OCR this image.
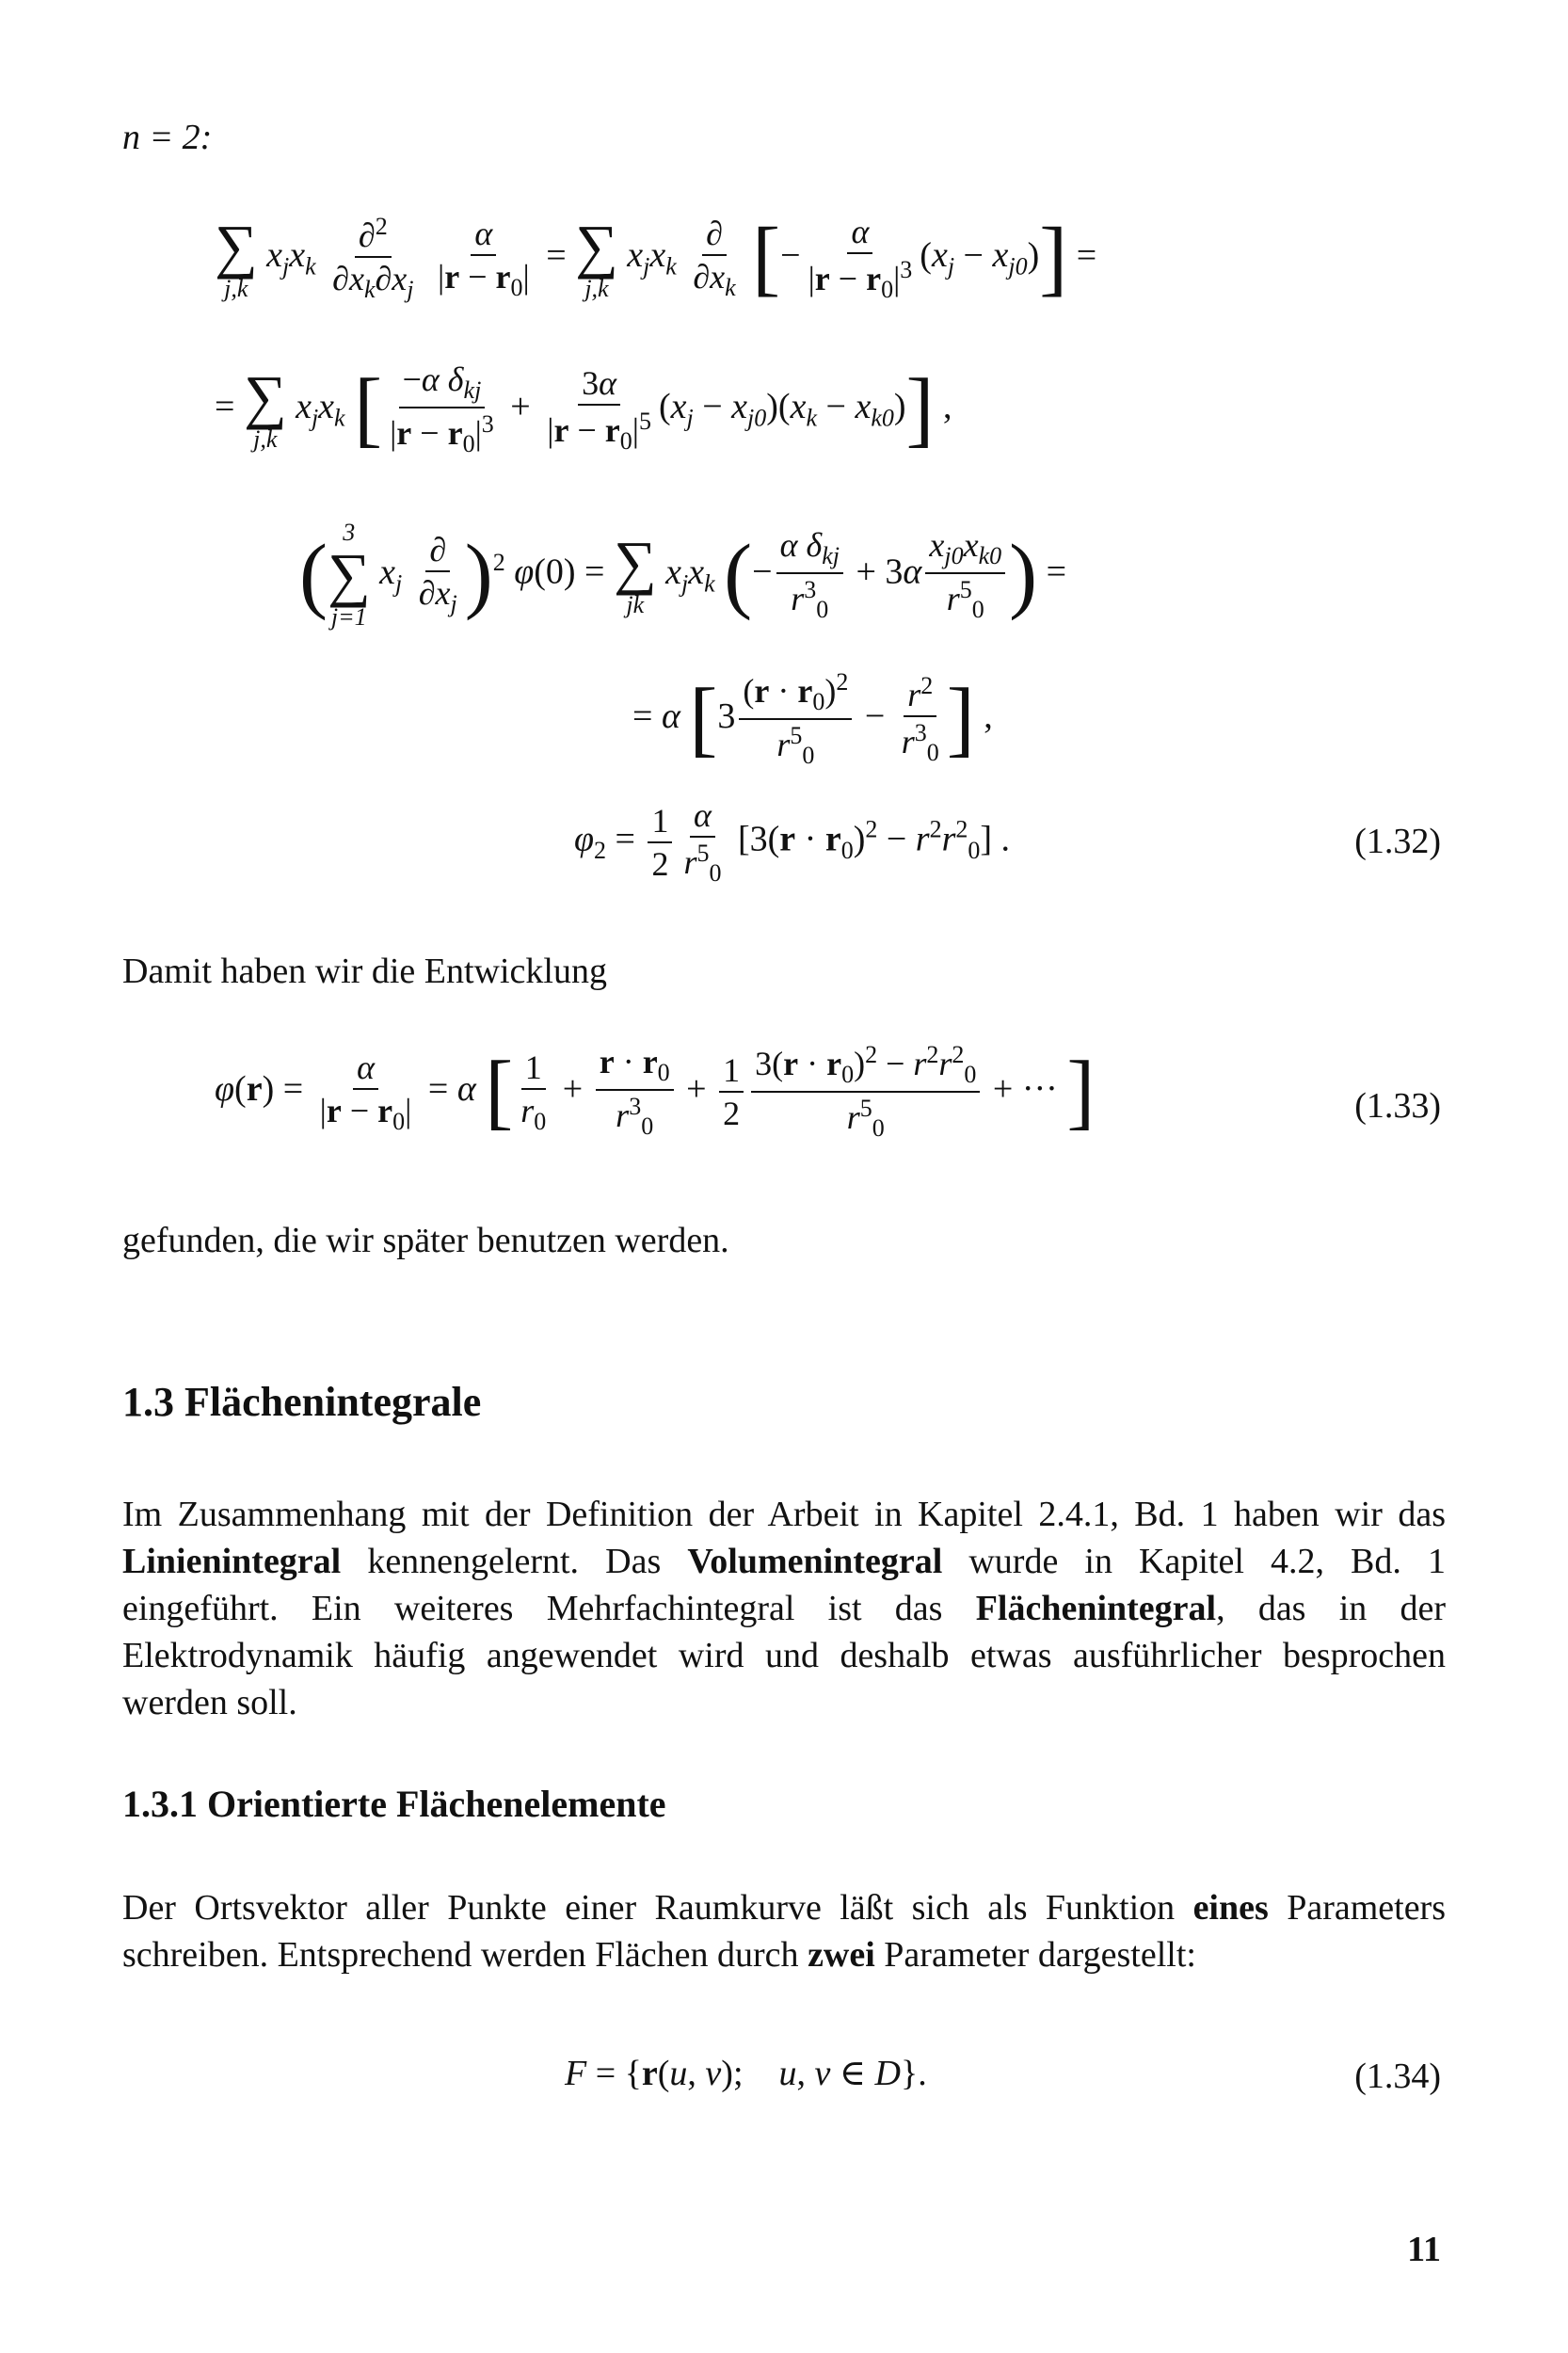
n = 2:
∑
j,k
$x_jx_k \frac{\partial^2}{\partial x_k\partial x_j}$
$\frac{\alpha}{|r - r_0|}$ = ∑
j,k
$x_jx_k \frac{\partial}{\partial x_k}$ [− $\frac{\alpha}{|r - r_0|^3} (x_j - x_{j0})$] =
= ∑
j,k
$x_jx_k$ [ $\frac{-\alpha \delta_{kj}}{|r - r_0|^3} + \frac{3\alpha}{|r - r_0|^5} (x_j - x_{j0})(x_k - x_{k0})$] ,
( 3
∑
j=1
$x_j \frac{\partial}{\partial x_j} )^2$ φ(0) = ∑
jk
$x_jx_k$ (− $\frac{\alpha \delta_{kj}}{r^3_0} + 3\alpha \frac{x_{j0}x_{k0}}{r^5_0}$ ) =
= α [$3 \frac{(r \cdot r_0)^2}{r^5_0} - \frac{r^2}{r^3_0}$ ] ,
$\varphi_2 = \frac{1}{2} \frac{\alpha}{r^5_0} [3(r \cdot r_0)^2 - r^2r^2_0]$ .	(1.32)
Damit haben wir die Entwicklung
$\varphi(r) = \frac{\alpha}{|r - r_0|} = \alpha$ [ $\frac{1}{r_0} + \frac{r \cdot r_0}{r^3_0} + \frac{1}{2} \frac{3(r \cdot r_0)^2 - r^2r^2_0}{r^5_0}$ + ··· ]	(1.33)
gefunden, die wir später benutzen werden.
1.3 Flächenintegrale
Im Zusammenhang mit der Definition der Arbeit in Kapitel 2.4.1, Bd. 1 haben wir das Linienintegral kennengelernt. Das Volumenintegral wurde in Kapitel 4.2, Bd. 1 eingeführt. Ein weiteres Mehrfachintegral ist das Flächenintegral, das in der Elektrodynamik häufig angewendet wird und deshalb etwas ausführlicher besprochen werden soll.
1.3.1 Orientierte Flächenelemente
Der Ortsvektor aller Punkte einer Raumkurve läßt sich als Funktion eines Parameters schreiben. Entsprechend werden Flächen durch zwei Parameter dargestellt:
F = {r(u, v);    u, v ∈ D}.	(1.34)
11
